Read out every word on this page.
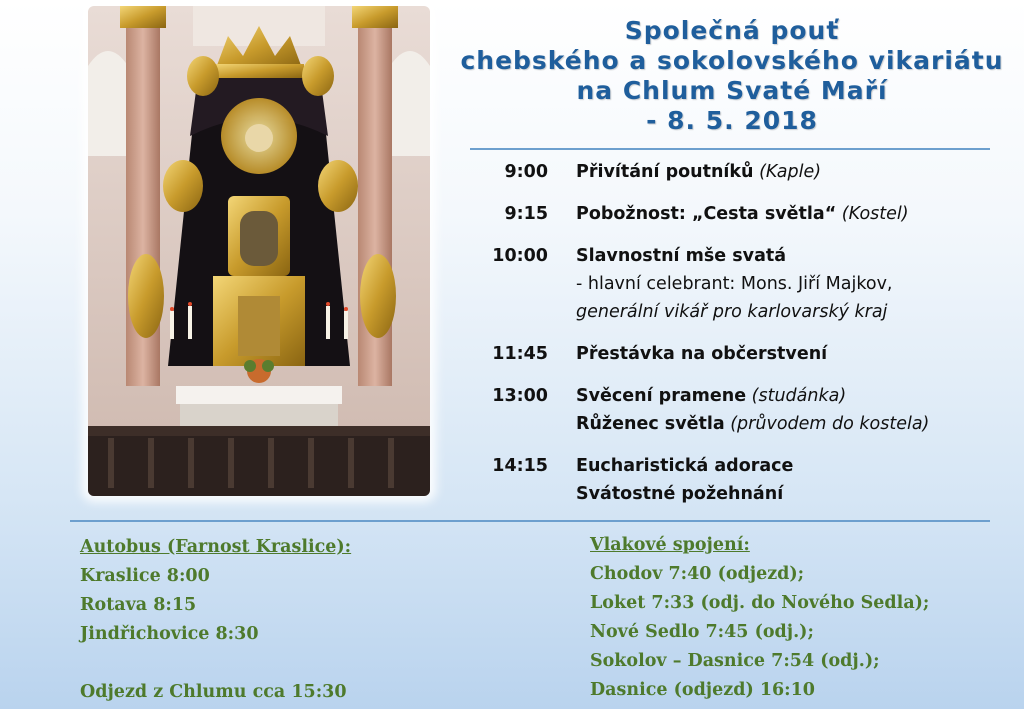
Společná pouť
chebského a sokolovského vikariátu
na Chlum Svaté Maří
- 8. 5. 2018
9:00 Přivítání poutníků (Kaple)
9:15 Pobožnost: „Cesta světla“ (Kostel)
10:00 Slavnostní mše svatá
- hlavní celebrant: Mons. Jiří Majkov,
generální vikář pro karlovarský kraj
11:45 Přestávka na občerstvení
13:00 Svěcení pramene (studánka)
Růženec světla (průvodem do kostela)
14:15 Eucharistická adorace
Svátostné požehnání
Autobus (Farnost Kraslice):
Kraslice 8:00
Rotava 8:15
Jindřichovice 8:30
Odjezd z Chlumu cca 15:30
Vlakové spojení:
Chodov 7:40 (odjezd);
Loket 7:33 (odj. do Nového Sedla);
Nové Sedlo 7:45 (odj.);
Sokolov – Dasnice 7:54 (odj.);
Dasnice (odjezd) 16:10
